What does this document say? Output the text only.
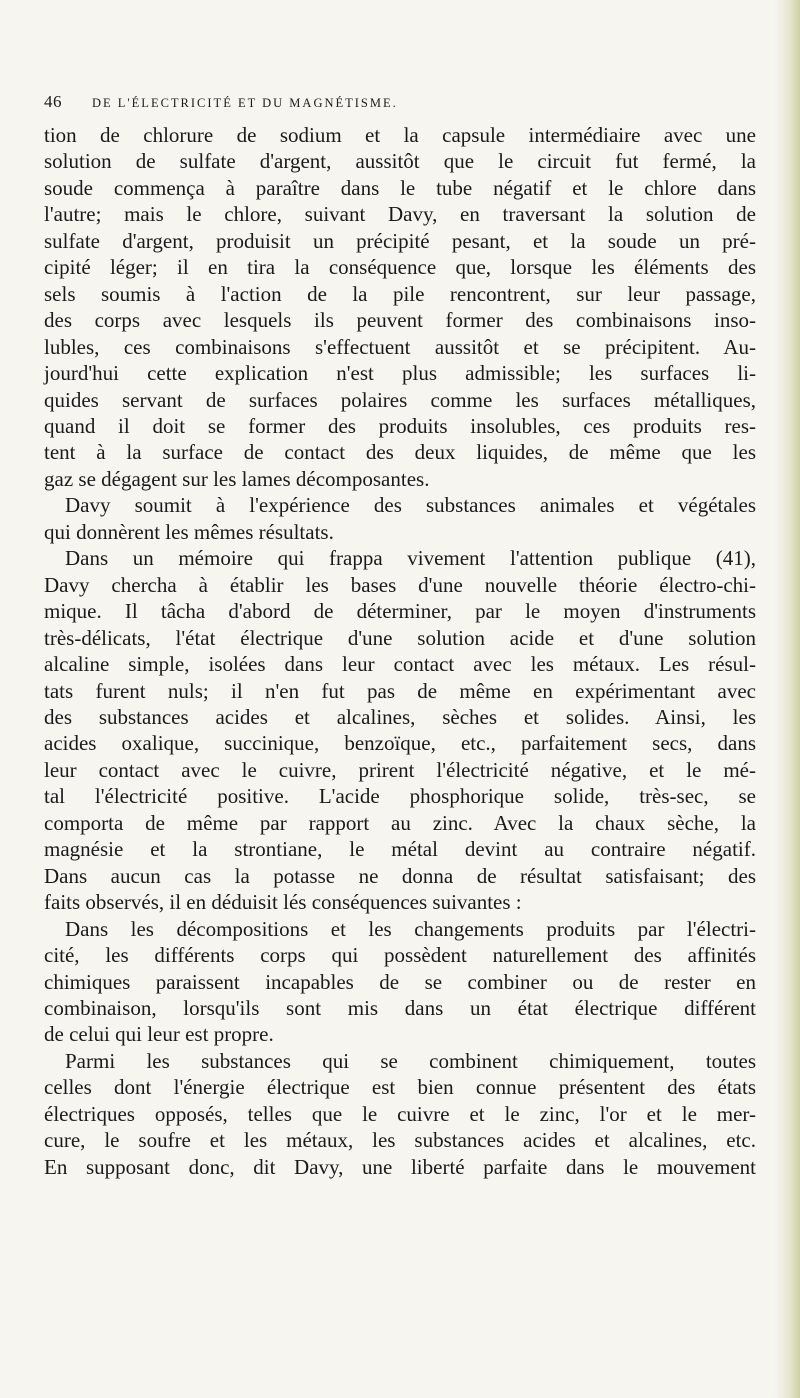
46 DE L'ÉLECTRICITÉ ET DU MAGNÉTISME.

tion de chlorure de sodium et la capsule intermédiaire avec une
solution de sulfate d'argent, aussitôt que le circuit fut fermé, la
soude commença à paraître dans le tube négatif et le chlore dans
l'autre; mais le chlore, suivant Davy, en traversant la solution de
sulfate d'argent, produisit un précipité pesant, et la soude un pré-
cipité léger; il en tira la conséquence que, lorsque les éléments des
sels soumis à l'action de la pile rencontrent, sur leur passage,
des corps avec lesquels ils peuvent former des combinaisons inso-
lubles, ces combinaisons s'effectuent aussitôt et se précipitent. Au-
jourd'hui cette explication n'est plus admissible; les surfaces li-
quides servant de surfaces polaires comme les surfaces métalliques,
quand il doit se former des produits insolubles, ces produits res-
tent à la surface de contact des deux liquides, de même que les
gaz se dégagent sur les lames décomposantes.

Davy soumit à l'expérience des substances animales et végétales
qui donnèrent les mêmes résultats.

Dans un mémoire qui frappa vivement l'attention publique (41),
Davy chercha à établir les bases d'une nouvelle théorie électro-chi-
mique. Il tâcha d'abord de déterminer, par le moyen d'instruments
très-délicats, l'état électrique d'une solution acide et d'une solution
alcaline simple, isolées dans leur contact avec les métaux. Les résul-
tats furent nuls; il n'en fut pas de même en expérimentant avec
des substances acides et alcalines, sèches et solides. Ainsi, les
acides oxalique, succinique, benzoïque, etc., parfaitement secs, dans
leur contact avec le cuivre, prirent l'électricité négative, et le mé-
tal l'électricité positive. L'acide phosphorique solide, très-sec, se
comporta de même par rapport au zinc. Avec la chaux sèche, la
magnésie et la strontiane, le métal devint au contraire négatif.
Dans aucun cas la potasse ne donna de résultat satisfaisant; des
faits observés, il en déduisit lés conséquences suivantes :

Dans les décompositions et les changements produits par l'électri-
cité, les différents corps qui possèdent naturellement des affinités
chimiques paraissent incapables de se combiner ou de rester en
combinaison, lorsqu'ils sont mis dans un état électrique différent
de celui qui leur est propre.

Parmi les substances qui se combinent chimiquement, toutes
celles dont l'énergie électrique est bien connue présentent des états
électriques opposés, telles que le cuivre et le zinc, l'or et le mer-
cure, le soufre et les métaux, les substances acides et alcalines, etc.
En supposant donc, dit Davy, une liberté parfaite dans le mouvement
